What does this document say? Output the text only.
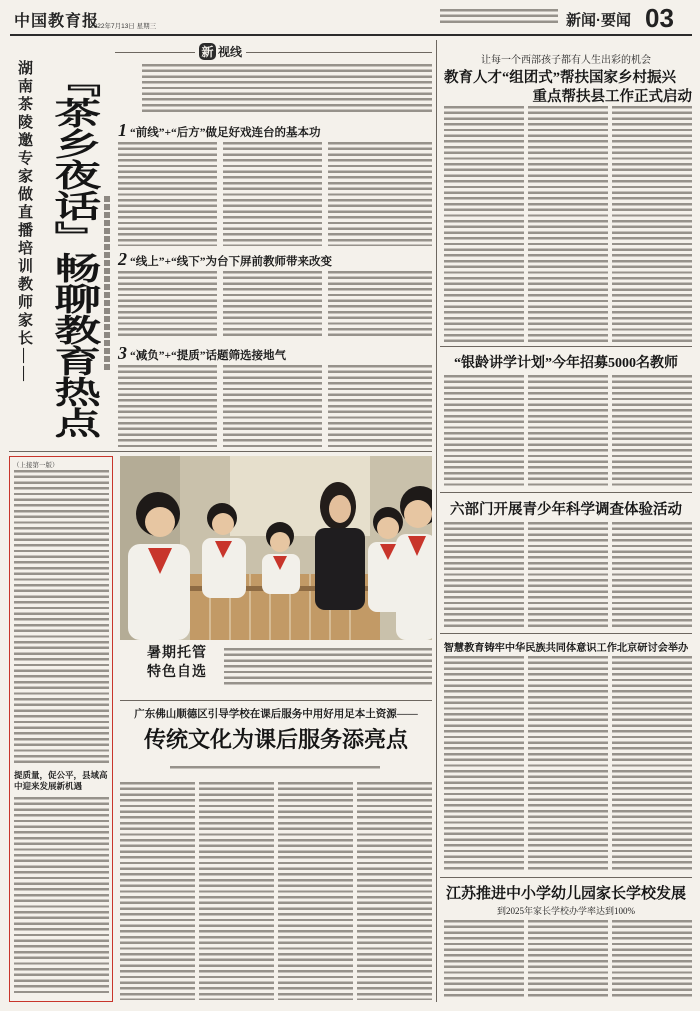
中国教育报
2022年7月13日 星期三	新闻·要闻 03
新 视线
湖南茶陵邀专家做直播培训教师家长—— 『茶乡夜话』畅聊教育热点 1 “前线”+“后方”做足好戏连台的基本功
2 “线上”+“线下”为台下屏前教师带来改变
3 “减负”+“提质”话题筛选接地气
（上接第一版）
提质量，促公平，县域高中迎来发展新机遇
暑期托管
特色自选
广东佛山顺德区引导学校在课后服务中用好用足本土资源——
传统文化为课后服务添亮点
让每一个西部孩子都有人生出彩的机会
教育人才“组团式”帮扶国家乡村振兴
重点帮扶县工作正式启动
“银龄讲学计划”今年招募5000名教师
六部门开展青少年科学调查体验活动
智慧教育铸牢中华民族共同体意识工作北京研讨会举办
江苏推进中小学幼儿园家长学校发展
到2025年家长学校办学率达到100%
